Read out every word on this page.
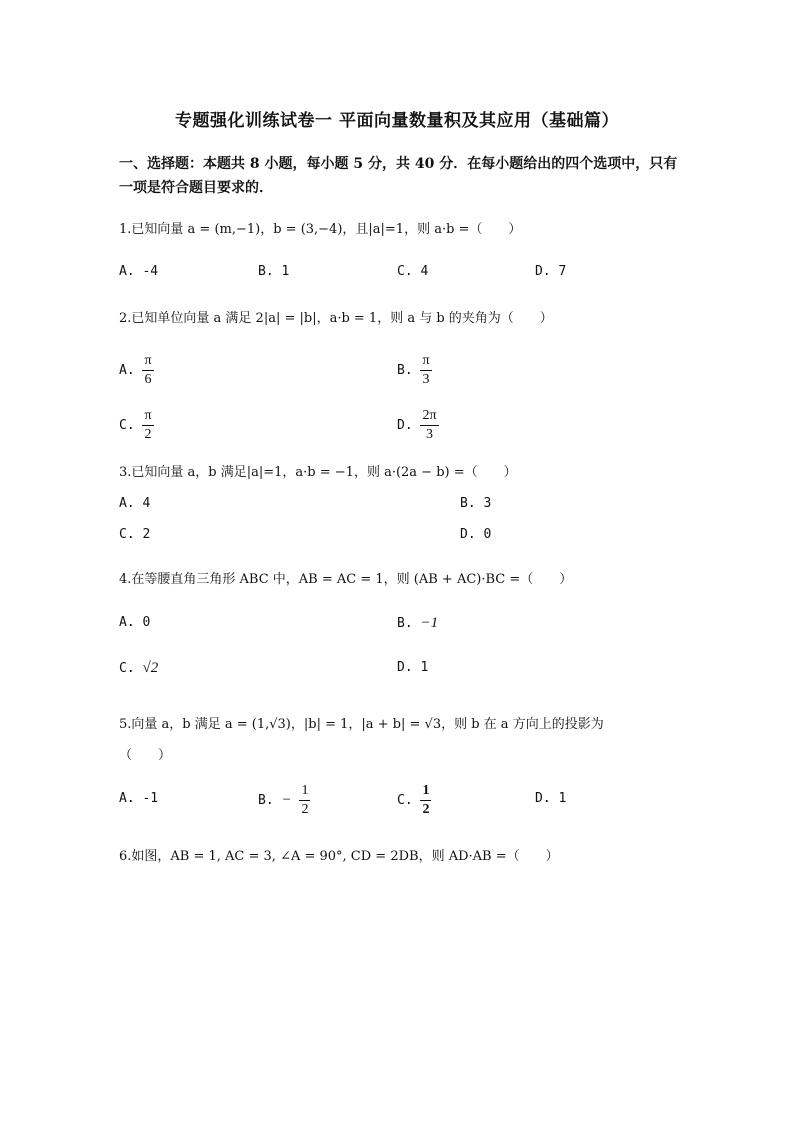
专题强化训练试卷一 平面向量数量积及其应用（基础篇）
一、选择题：本题共 8 小题，每小题 5 分，共 40 分．在每小题给出的四个选项中，只有一项是符合题目要求的．
1.已知向量 a = (m,−1)，b = (3,−4)，且|a|=1，则 a·b =（　　）
A. -4	B. 1	C. 4	D. 7
2.已知单位向量 a 满足 2|a| = |b|，a·b = 1，则 a 与 b 的夹角为（　　）
A. $\frac{\pi}{6}$	B. $\frac{\pi}{3}$
C. $\frac{\pi}{2}$	D. $\frac{2\pi}{3}$
3.已知向量 a，b 满足|a|=1，a·b = −1，则 a·(2a − b) =（　　）
A. 4	B. 3
C. 2	D. 0
4.在等腰直角三角形 ABC 中，AB = AC = 1，则 (AB + AC)·BC =（　　）
A. 0	B. −1
C. √2	D. 1
5.向量 a，b 满足 a = (1,√3)，|b| = 1，|a + b| = √3，则 b 在 a 方向上的投影为
（　　）
A. -1	B. − $\frac{1}{2}$	C. $\frac{1}{2}$	D. 1
6.如图，AB = 1, AC = 3, ∠A = 90°, CD = 2DB，则 AD·AB =（　　）
